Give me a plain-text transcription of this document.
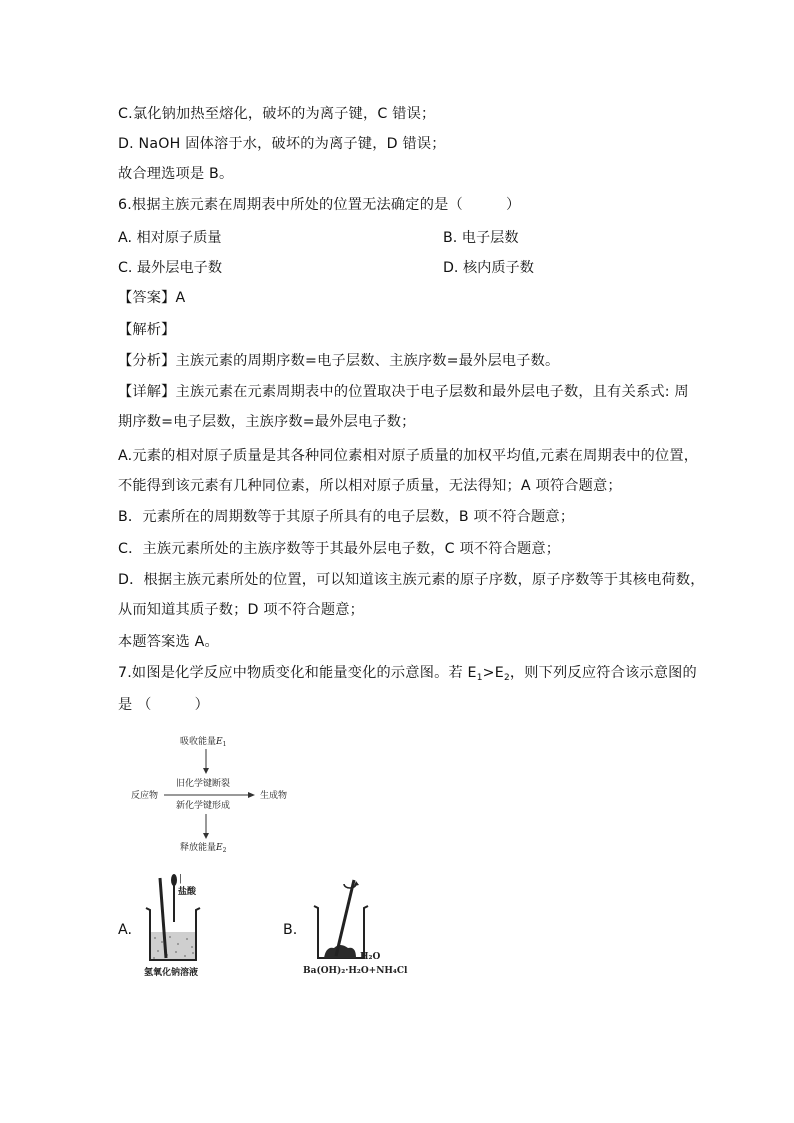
C.氯化钠加热至熔化，破坏的为离子键，C 错误；
D. NaOH 固体溶于水，破坏的为离子键，D 错误；
故合理选项是 B。
6.根据主族元素在周期表中所处的位置无法确定的是（　　　）
A. 相对原子质量	B. 电子层数
C. 最外层电子数	D. 核内质子数
【答案】A
【解析】
【分析】主族元素的周期序数=电子层数、主族序数=最外层电子数。
【详解】主族元素在元素周期表中的位置取决于电子层数和最外层电子数，且有关系式: 周
期序数=电子层数，主族序数=最外层电子数；
A.元素的相对原子质量是其各种同位素相对原子质量的加权平均值,元素在周期表中的位置，
不能得到该元素有几种同位素，所以相对原子质量，无法得知；A 项符合题意；
B．元素所在的周期数等于其原子所具有的电子层数，B 项不符合题意；
C．主族元素所处的主族序数等于其最外层电子数，C 项不符合题意；
D．根据主族元素所处的位置，可以知道该主族元素的原子序数，原子序数等于其核电荷数，
从而知道其质子数；D 项不符合题意；
本题答案选 A。
7.如图是化学反应中物质变化和能量变化的示意图。若 $E_1>E_2$，则下列反应符合该示意图的
是 （　　　）
吸收能量$E_1$
旧化学键断裂
反应物	生成物
新化学键形成
释放能量$E_2$
A.
|
盐酸
氢氧化钠溶液
B.
H₂O
Ba(OH)₂·H₂O+NH₄Cl
